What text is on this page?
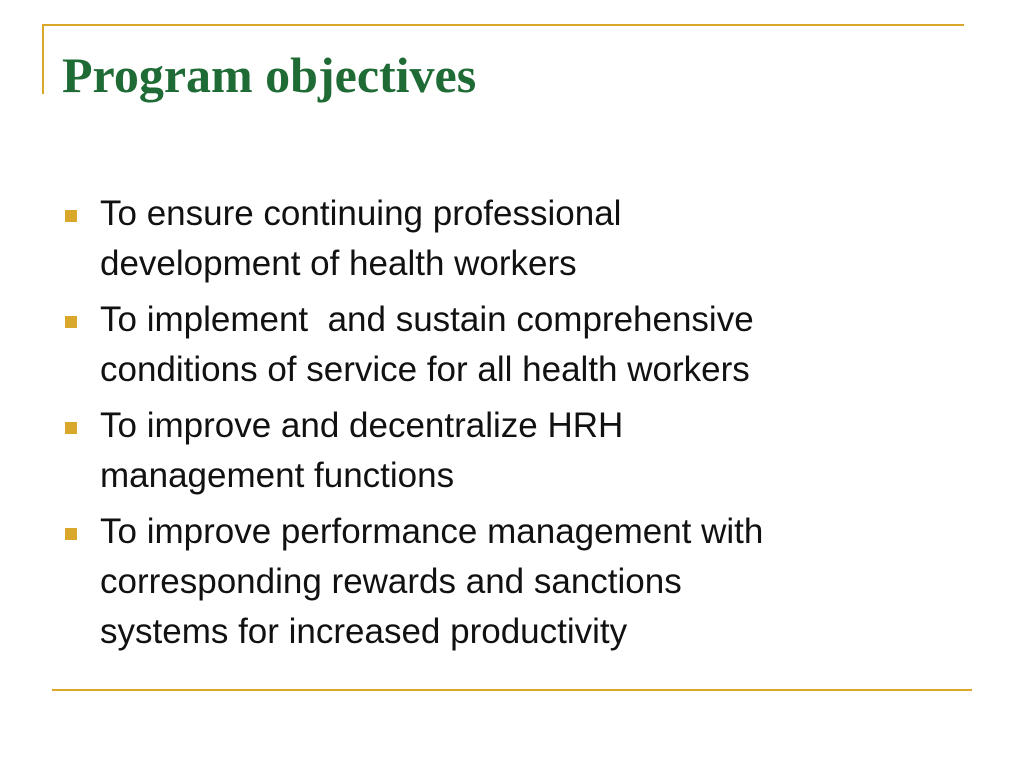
Program objectives
To ensure continuing professional
development of health workers
To implement  and sustain comprehensive
conditions of service for all health workers
To improve and decentralize HRH
management functions
To improve performance management with
corresponding rewards and sanctions
systems for increased productivity
